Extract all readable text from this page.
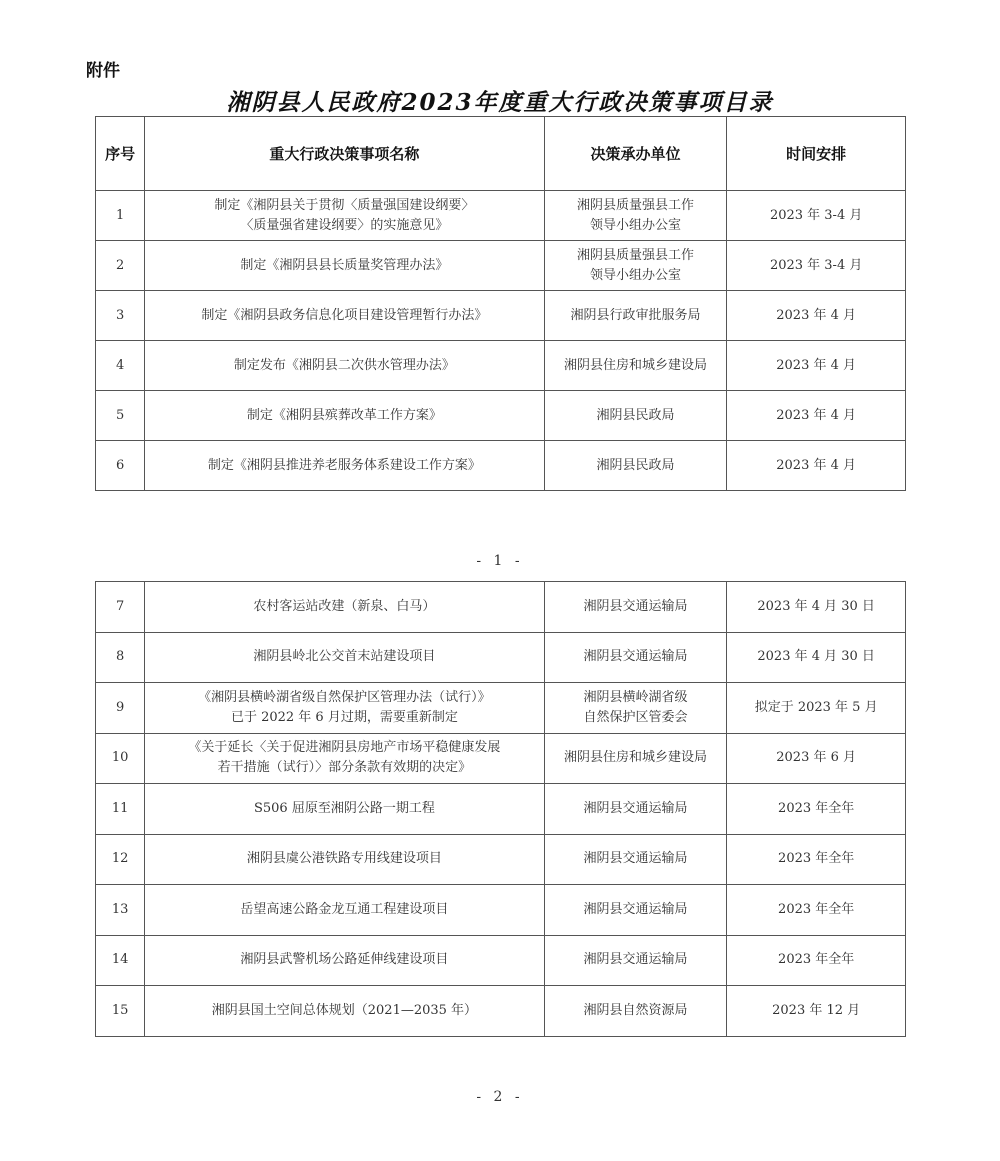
附件
湘阴县人民政府2023年度重大行政决策事项目录
序号	重大行政决策事项名称	决策承办单位	时间安排
1	制定《湘阴县关于贯彻〈质量强国建设纲要〉
〈质量强省建设纲要〉的实施意见》	湘阴县质量强县工作
领导小组办公室	2023 年 3-4 月
2	制定《湘阴县县长质量奖管理办法》	湘阴县质量强县工作
领导小组办公室	2023 年 3-4 月
3	制定《湘阴县政务信息化项目建设管理暂行办法》	湘阴县行政审批服务局	2023 年 4 月
4	制定发布《湘阴县二次供水管理办法》	湘阴县住房和城乡建设局	2023 年 4 月
5	制定《湘阴县殡葬改革工作方案》	湘阴县民政局	2023 年 4 月
6	制定《湘阴县推进养老服务体系建设工作方案》	湘阴县民政局	2023 年 4 月
- 1 -
7	农村客运站改建（新泉、白马）	湘阴县交通运输局	2023 年 4 月 30 日
8	湘阴县岭北公交首末站建设项目	湘阴县交通运输局	2023 年 4 月 30 日
9	《湘阴县横岭湖省级自然保护区管理办法（试行）》
已于 2022 年 6 月过期，需要重新制定	湘阴县横岭湖省级
自然保护区管委会	拟定于 2023 年 5 月
10	《关于延长〈关于促进湘阴县房地产市场平稳健康发展
若干措施（试行）〉部分条款有效期的决定》	湘阴县住房和城乡建设局	2023 年 6 月
11	S506 屈原至湘阴公路一期工程	湘阴县交通运输局	2023 年全年
12	湘阴县虞公港铁路专用线建设项目	湘阴县交通运输局	2023 年全年
13	岳望高速公路金龙互通工程建设项目	湘阴县交通运输局	2023 年全年
14	湘阴县武警机场公路延伸线建设项目	湘阴县交通运输局	2023 年全年
15	湘阴县国土空间总体规划（2021—2035 年）	湘阴县自然资源局	2023 年 12 月
- 2 -
